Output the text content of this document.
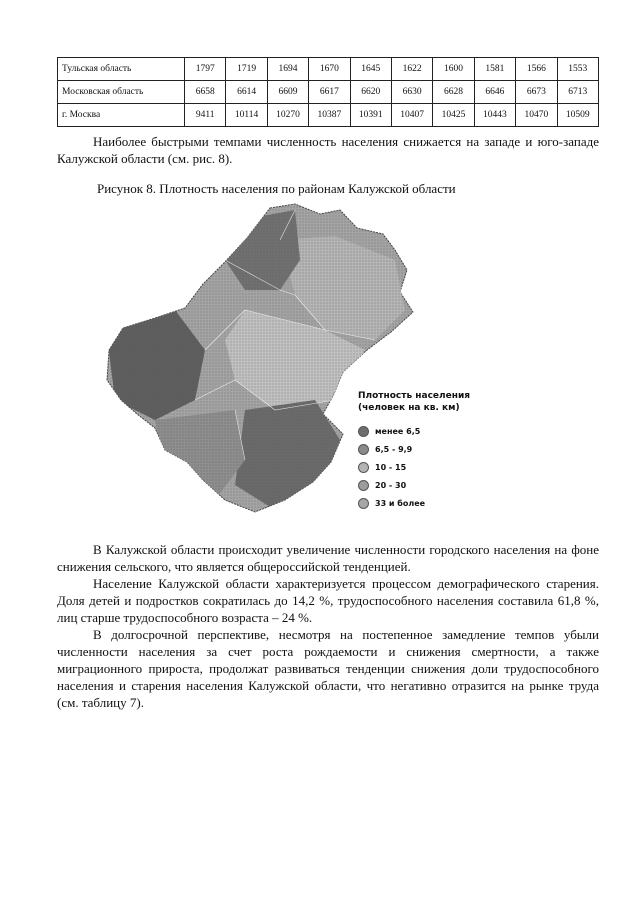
Тульская область	1797	1719	1694	1670	1645	1622	1600	1581	1566	1553
Московская область	6658	6614	6609	6617	6620	6630	6628	6646	6673	6713
г. Москва	9411	10114	10270	10387	10391	10407	10425	10443	10470	10509

Наиболее быстрыми темпами численность населения снижается на западе и юго-западе Калужской области (см. рис. 8).

Рисунок 8. Плотность населения по районам Калужской области

Плотность населения
(человек на кв. км)
менее 6,5
6,5 - 9,9
10 - 15
20 - 30
33 и более

В Калужской области происходит увеличение численности городского населения на фоне снижения сельского, что является общероссийской тенденцией.

Население Калужской области характеризуется процессом демографического старения. Доля детей и подростков сократилась до 14,2 %, трудоспособного населения составила 61,8 %, лиц старше трудоспособного возраста – 24 %.

В долгосрочной перспективе, несмотря на постепенное замедление темпов убыли численности населения за счет роста рождаемости и снижения смертности, а также миграционного прироста, продолжат развиваться тенденции снижения доли трудоспособного населения и старения населения Калужской области, что негативно отразится на рынке труда (см. таблицу 7).
